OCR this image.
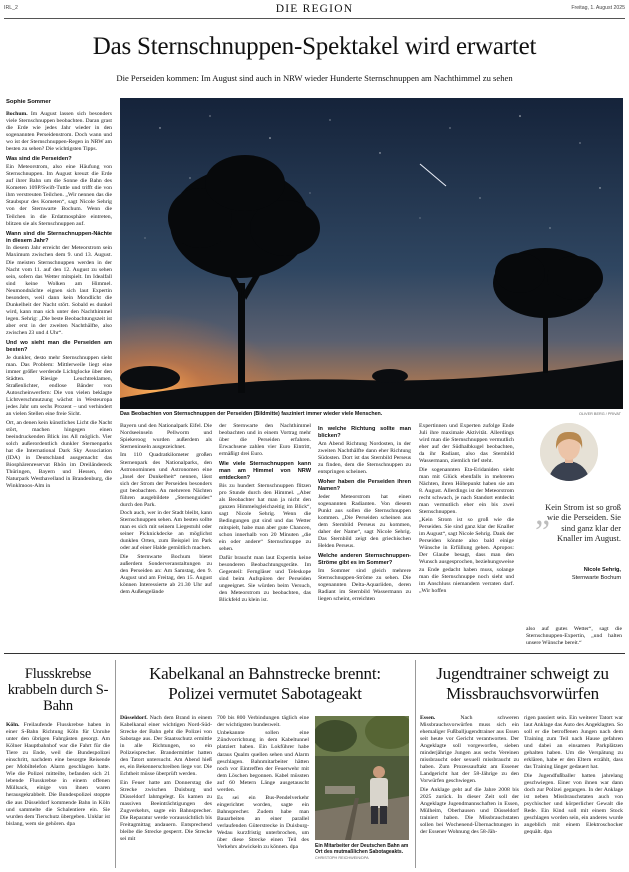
IRL_2	DIE REGION	Freitag, 1. August 2025
Das Sternschnuppen-Spektakel wird erwartet
Die Perseiden kommen: Im August sind auch in NRW wieder Hunderte Sternschnuppen am Nachthimmel zu sehen
Sophie Sommer

Bochum. Im August lassen sich besonders viele Sternschnuppen beobachten. Daran grast die Erde wie jedes Jahr wieder in den sogenannten Perseidenstrom. Doch wann und wo ist der Sternschnuppen-Regen in NRW am besten zu sehen? Die wichtigsten Tipps.

Was sind die Perseiden?

Ein Meteorstrom, also eine Häufung von Sternschnuppen. Im August kreuzt die Erde auf ihrer Bahn um die Sonne die Bahn des Kometen 109P/Swift-Tuttle und trifft die von ihm verstreuten Teilchen. „Wir nennen das die Staubspur des Kometen“, sagt Nicole Sehrig von der Sternwarte Bochum. Wenn die Teilchen in die Erdatmosphäre eintreten, blitzen sie als Sternschnuppen auf.

Wann sind die Sternschnuppen-Nächte in diesem Jahr?

In diesem Jahr erreicht der Meteorstrom sein Maximum zwischen dem 9. und 13. August. Die meisten Sternschnuppen werden in der Nacht vom 11. auf den 12. August zu sehen sein, sofern das Wetter mitspielt. Im Idealfall sind keine Wolken am Himmel. Neumondnächte eignen sich laut Expertin besonders, weil dann kein Mondlicht die Dunkelheit der Nacht stört. Sobald es dunkel wird, kann man sich unter den Nachthimmel legen. Sehrig: „Die beste Beobachtungszeit ist aber erst in der zweiten Nachthälfte, also zwischen 23 und 4 Uhr“.

Und wo sieht man die Perseiden am besten?

Je dunkler, desto mehr Sternschnuppen sieht man. Das Problem: Mittlerweile liegt eine immer größer werdende Lichtglocke über den Städten. Riesige Leuchtreklamen, Straßenlichter, endlose Bänder von Autoscheinwerfern: Die von vielen beklagte Lichtverschmutzung wächst in Westeuropa jedes Jahr um sechs Prozent – und verhindert an vielen Stellen eine freie Sicht.

Ort, an denen kein künstliches Licht die Nacht stört, machen hingegen einen beeindruckenden Blick ins All möglich. Vier solch außerordentlich dunkler Sternenparks hat die International Dark Sky Association (IDA) in Deutschland ausgemacht: das Biosphärenreservat Rhön im Dreiländereck Thüringen, Bayern und Hessen, den Naturpark Westhavelland in Brandenburg, die Winklmoos-Alm in

Das Beobachten von Sternschnuppen der Perseiden (Bildmitte) fasziniert immer wieder viele Menschen.	OLIVER BERG / PRIVAT

Bayern und den Nationalpark Eifel. Die Nordseeinseln Pellworm und Spiekeroog wurden außerdem als Sterneninseln ausgezeichnet.

Im 110 Quadratkilometer großen Sternenpark des Nationalparks, den Astronominnen und Astronomen eine „Insel der Dunkelheit“ nennen, lässt sich der Strom der Perseiden besonders gut beobachten. An mehreren Nächten führen ausgebildete „Sternenguides“ durch den Park.

Doch auch, wer in der Stadt bleibt, kann Sternschnuppen sehen. Am besten sollte man es sich mit seinem Liegestuhl oder seiner Picknickdecke an möglichst dunklen Orten, zum Beispiel im Park oder auf einer Halde gemütlich machen.

Die Sternwarte Bochum bietet außerdem Sonderveranstaltungen zu den Perseiden an: Am Samstag, den 9. August und am Freitag, den 15. August können Interessierte ab 21.30 Uhr auf dem Außengelände

der Sternwarte den Nachthimmel beobachten und in einem Vortrag mehr über die Perseiden erfahren. Erwachsene zahlen vier Euro Eintritt, ermäßigt drei Euro.

Wie viele Sternschnuppen kann man am Himmel von NRW entdecken?

Bis zu hundert Sternschnuppen flitzen pro Stunde durch den Himmel. „Aber als Beobachter hat man ja nicht den ganzen Himmelsgleichzeitig im Blick“, sagt Nicole Sehrig. Wenn die Bedingungen gut sind und das Wetter mitspielt, habe man aber gute Chancen, schon innerhalb von 20 Minuten „die ein oder andere“ Sternschnuppe zu sehen.

Dafür braucht man laut Expertin keine besonderen Beobachtungsgeräte. Im Gegenteil: Ferngläser und Teleskope sind beim Aufspüren der Perseiden ungeeignet. Sie würden beim Versuch, den Meteorstrom zu beobachten, das Blickfeld zu klein ist.

In welche Richtung sollte man blicken?

Am Abend Richtung Nordosten, in der zweiten Nachthälfte dann eher Richtung Südosten. Dort ist das Sternbild Perseus zu finden, dem die Sternschnuppen zu entspringen scheinen.

Woher haben die Perseiden ihren Namen?

Jeder Meteorstrom hat einen sogenannten Radianten. Von diesem Punkt aus sollen die Sternschnuppen kommen. „Die Perseiden scheinen aus dem Sternbild Perseus zu kommen, daher der Name“, sagt Nicole Sehrig. Das Sternbild zeigt den griechischen Helden Perseus.

Welche anderen Sternschnuppen-Ströme gibt es im Sommer?

Im Sommer sind gleich mehrere Sternschnuppen-Ströme zu sehen. Die sogenannten Delta-Aquariiden, deren Radiant im Sternbild Wassermann zu liegen scheint, erreichten

Expertinnen und Experten zufolge Ende Juli ihre maximale Aktivität. Allerdings wird man die Sternschnuppen vermutlich eher auf der Südhalbkugel beobachten, da ihr Radiant, also das Sternbild Wassermann, ziemlich tief steht.

Die sogenannten Eta-Eridaniden sieht man mit Glück ebenfalls in mehreren Nächten, ihren Höhepunkt haben sie am 8. August. Allerdings ist der Meteorstrom recht schwach, je nach Standort entdeckt man vermutlich eher ein bis zwei Sternschnuppen.

„Kein Strom ist so groß wie die Perseiden. Sie sind ganz klar der Knaller im August“, sagt Nicole Sehrig. Dank der Perseiden könnte also bald einige Wünsche in Erfüllung gehen. Apropos: Der Glaube besagt, dass man den Wunsch ausgesprochen, beziehungsweise zu Ende gedacht haben muss, solange man die Sternschnuppe noch sieht und im Anschluss niemandem verraten darf. „Wir hoffen

„
Kein Strom ist so groß wie die Perseiden. Sie sind ganz klar der Knaller im August.
Nicole Sehrig,
Sternwarte Bochum
also auf gutes Wetter“, sagt die Sternschnuppen-Expertin, „und halten unsere Wünsche bereit.“
Flusskrebse krabbeln durch S-Bahn

Köln. Freilaufende Flusskrebse haben in einer S-Bahn Richtung Köln für Unruhe unter den übrigen Fahrgästen gesorgt. Am Kölner Hauptbahnhof war die Fahrt für die Tiere zu Ende, weil die Bundespolizei einschritt, nachdem eine besorgte Reisende per Mobiltelefon Alarm geschlagen hatte. Wie die Polizei mitteilte, befanden sich 21 lebende Flusskrebse in einem offenen Müllsack, einige von ihnen waren herausgekrabbelt. Die Bundespolizei stoppte die aus Düsseldorf kommende Bahn in Köln und sammelte die Schalentiere ein. Sie wurden dem Tierschutz übergeben. Unklar ist bislang, wem sie gehören. dpa

Kabelkanal an Bahnstrecke brennt:
Polizei vermutet Sabotageakt

Düsseldorf. Nach dem Brand in einem Kabelkanal einer wichtigen Nord-Süd-Strecke der Bahn geht die Polizei von Sabotage aus. Der Staatsschutz ermittle in alle Richtungen, so ein Polizeisprecher. Brandermittler hatten den Tatort untersucht. Am Abend hieß es, ein Bekennerschreiben liege vor. Die Echtheit müsse überprüft werden.

Ein Feuer hatte am Donnerstag die Strecke zwischen Duisburg und Düsseldorf lahmgelegt. Es kamen zu massiven Beeinträchtigungen des Zugverkehrs, sagte ein Bahnsprecher. Die Reparatur werde voraussichtlich bis Freitagmittag andauern. Entsprechend bleibe die Strecke gesperrt. Die Strecke sei mit

700 bis 800 Verbindungen täglich eine der wichtigsten bundesweit.

Unbekannte sollen eine Zündvorrichtung in dem Kabeltunnel platziert haben. Ein Lokführer habe daraus Qualm quellen sehen und Alarm geschlagen. Bahnmitarbeiter hätten noch vor Eintreffen der Feuerwehr mit dem Löschen begonnen. Kabel müssten auf 60 Metern Länge ausgetauscht werden.

Es sei ein Bus-Pendelverkehr eingerichtet worden, sagte ein Bahnsprecher. Zudem habe man Bauarbeiten an einer parallel verlaufenden Güterstrecke in Duisburg-Wedau kurzfristig unterbrochen, um über diese Strecke einen Teil des Verkehrs abwickeln zu können. dpa	Ein Mitarbeiter der Deutschen Bahn am Ort des mutmaßlichen Sabotageakts. CHRISTOPH REICHWEIN/DPA
Jugendtrainer schweigt zu
Missbrauchsvorwürfen

Essen. Nach schweren Missbrauchsvorwürfen muss sich ein ehemaliger Fußballjugendtrainer aus Essen seit heute vor Gericht verantworten. Der Angeklagte soll vorgeworfen, sieben minderjährige Jungen aus sechs Vereinen missbraucht oder sexuell missbraucht zu haben. Zum Prozessauftakt am Essener Landgericht hat der 58-Jährige zu den Vorwürfen geschwiegen.

Die Anklage geht auf die Jahre 2008 bis 2025 zurück. In dieser Zeit soll der Angeklagte Jugendmannschaften in Essen, Mülheim, Oberhausen und Düsseldorf trainiert haben. Die Missbrauchstaten sollen bei Wochenend-Übernachtungen in der Essener Wohnung des 58-Jäh-

rigen passiert sein. Ein weiterer Tatort war laut Anklage das Auto des Angeklagten. So soll er die betroffenen Jungen nach dem Training zum Teil nach Hause gefahren und dabei an einsamen Parkplätzen gehalten haben. Um die Verspätung zu erklären, habe er den Eltern erzählt, dass das Training länger gedauert hat.

Die Jugendfußballer hatten jahrelang geschwiegen. Einer von ihnen war dann doch zur Polizei gegangen. In der Anklage ist neben Missbrauchstaten auch von psychischer und körperlicher Gewalt die Rede. Ein Kind soll mit einem Stock geschlagen worden sein, ein anderes wurde angeblich mit einem Elektroschocker gequält. dpa
